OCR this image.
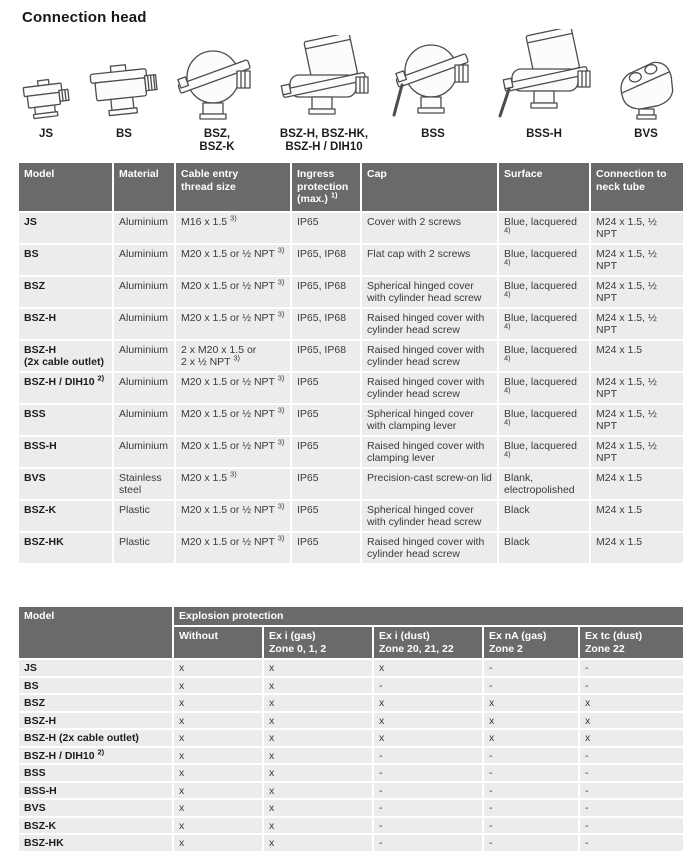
Connection head
JS	BS	BSZ,
BSZ-K
BSZ-H, BSZ-HK,
BSZ-H / DIH10
BSS	BSS-H	BVS
Model	Material	Cable entry
thread size	Ingress
protection
(max.) $^{1)}$	Cap	Surface	Connection to
neck tube
JS	Aluminium	M16 x 1.5 $^{3)}$	IP65	Cover with 2 screws	Blue, lacquered $^{4)}$	M24 x 1.5, ½ NPT
BS	Aluminium	M20 x 1.5 or ½ NPT $^{3)}$	IP65, IP68	Flat cap with 2 screws	Blue, lacquered $^{4)}$	M24 x 1.5, ½ NPT
BSZ	Aluminium	M20 x 1.5 or ½ NPT $^{3)}$	IP65, IP68	Spherical hinged cover with cylinder head screw	Blue, lacquered $^{4)}$	M24 x 1.5, ½ NPT
BSZ-H	Aluminium	M20 x 1.5 or ½ NPT $^{3)}$	IP65, IP68	Raised hinged cover with cylinder head screw	Blue, lacquered $^{4)}$	M24 x 1.5, ½ NPT
BSZ-H
(2x cable outlet)	Aluminium	2 x M20 x 1.5 or
2 x ½ NPT $^{3)}$	IP65, IP68	Raised hinged cover with cylinder head screw	Blue, lacquered $^{4)}$	M24 x 1.5
BSZ-H / DIH10 $^{2)}$	Aluminium	M20 x 1.5 or ½ NPT $^{3)}$	IP65	Raised hinged cover with cylinder head screw	Blue, lacquered $^{4)}$	M24 x 1.5, ½ NPT
BSS	Aluminium	M20 x 1.5 or ½ NPT $^{3)}$	IP65	Spherical hinged cover with clamping lever	Blue, lacquered $^{4)}$	M24 x 1.5, ½ NPT
BSS-H	Aluminium	M20 x 1.5 or ½ NPT $^{3)}$	IP65	Raised hinged cover with clamping lever	Blue, lacquered $^{4)}$	M24 x 1.5, ½ NPT
BVS	Stainless steel	M20 x 1.5 $^{3)}$	IP65	Precision-cast screw-on lid	Blank, electropolished	M24 x 1.5
BSZ-K	Plastic	M20 x 1.5 or ½ NPT $^{3)}$	IP65	Spherical hinged cover with cylinder head screw	Black	M24 x 1.5
BSZ-HK	Plastic	M20 x 1.5 or ½ NPT $^{3)}$	IP65	Raised hinged cover with cylinder head screw	Black	M24 x 1.5
Model	Explosion protection				
	Without	Ex i (gas)
Zone 0, 1, 2	Ex i (dust)
Zone 20, 21, 22	Ex nA (gas)
Zone 2	Ex tc (dust)
Zone 22
JS	x	x	x	-	-
BS	x	x	-	-	-
BSZ	x	x	x	x	x
BSZ-H	x	x	x	x	x
BSZ-H (2x cable outlet)	x	x	x	x	x
BSZ-H / DIH10 $^{2)}$	x	x	-	-	-
BSS	x	x	-	-	-
BSS-H	x	x	-	-	-
BVS	x	x	-	-	-
BSZ-K	x	x	-	-	-
BSZ-HK	x	x	-	-	-
